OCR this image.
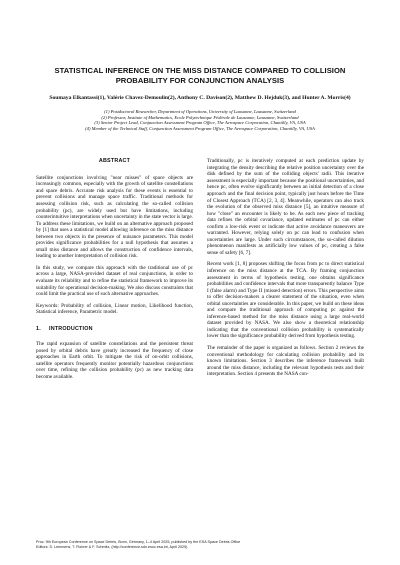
STATISTICAL INFERENCE ON THE MISS DISTANCE COMPARED TO COLLISION PROBABILITY FOR CONJUNCTION ANALYSIS
Soumaya Elkantassi(1), Valérie Chavez-Demoulin(2), Anthony C. Davison(2), Matthew D. Hejduk(3), and Hunter A. Morris(4)
(1) Postdoctoral Researcher, Department of Operations, University of Lausanne, Lausanne, Switzerland
(2) Professor, Institute of Mathematics, Ecole Polytechnique Fédérale de Lausanne, Lausanne, Switzerland
(3) Senior Project Lead, Conjunction Assessment Program Office, The Aerospace Corporation, Chantilly, VA, USA
(4) Member of the Technical Staff, Conjunction Assessment Program Office, The Aerospace Corporation, Chantilly, VA, USA
ABSTRACT

Satellite conjunctions involving "near misses" of space objects are increasingly common, especially with the growth of satellite constellations and space debris. Accurate risk analysis for these events is essential to prevent collisions and manage space traffic. Traditional methods for assessing collision risk, such as calculating the so-called collision probability (pc), are widely used but have limitations, including counterintuitive interpretations when uncertainty in the state vector is large. To address these limitations, we build on an alternative approach proposed by [1] that uses a statistical model allowing inference on the miss distance between two objects in the presence of nuisance parameters. This model provides significance probabilities for a null hypothesis that assumes a small miss distance and allows the construction of confidence intervals, leading to another interpretation of collision risk.

In this study, we compare this approach with the traditional use of pc across a large, NASA-provided dataset of real conjunctions, in order to evaluate its reliability and to refine the statistical framework to improve its suitability for operational decision-making. We also discuss constraints that could limit the practical use of such alternative approaches.

Keywords: Probability of collision, Linear motion, Likelihood function, Statistical inference, Parametric model.

1. INTRODUCTION

The rapid expansion of satellite constellations and the persistent threat posed by orbital debris have greatly increased the frequency of close approaches in Earth orbit. To mitigate the risk of on-orbit collisions, satellite operators frequently monitor potentially hazardous conjunctions over time, refining the collision probability (pc) as new tracking data become available.

Traditionally, pc is iteratively computed at each prediction update by integrating the density describing the relative position uncertainty over the disk defined by the sum of the colliding objects' radii. This iterative assessment is especially important because the positional uncertainties, and hence pc, often evolve significantly between an initial detection of a close approach and the final decision point, typically just hours before the Time of Closest Approach (TCA) [2, 3, 4]. Meanwhile, operators can also track the evolution of the observed miss distance [5], an intuitive measure of how "close" an encounter is likely to be. As each new piece of tracking data refines the orbital covariance, updated estimates of pc can either confirm a low-risk event or indicate that active avoidance maneuvers are warranted. However, relying solely on pc can lead to confusion when uncertainties are large. Under such circumstances, the so-called dilution phenomenon manifests as artificially low values of pc, creating a false sense of safety [6, 7].

Recent work [1, 8] proposes shifting the focus from pc to direct statistical inference on the miss distance at the TCA. By framing conjunction assessment in terms of hypothesis testing, one obtains significance probabilities and confidence intervals that more transparently balance Type I (false alarm) and Type II (missed detection) errors. This perspective aims to offer decision-makers a clearer statement of the situation, even when orbital uncertainties are considerable. In this paper, we build on these ideas and compare the traditional approach of computing pc against the inference-based method for the miss distance using a large real-world dataset provided by NASA. We also show a theoretical relationship indicating that the conventional collision probability is systematically lower than the significance probability derived from hypothesis testing.

The remainder of the paper is organized as follows. Section 2 reviews the conventional methodology for calculating collision probability and its known limitations. Section 3 describes the inference framework built around the miss distance, including the relevant hypothesis tests and their interpretation. Section 4 presents the NASA con-

Proc. 9th European Conference on Space Debris, Bonn, Germany, 1–4 April 2025, published by the ESA Space Debris Office
Editors: S. Lemmens, T. Flohrer & F. Schmitz, (http://conference.sdo.esoc.esa.int, April 2025)
